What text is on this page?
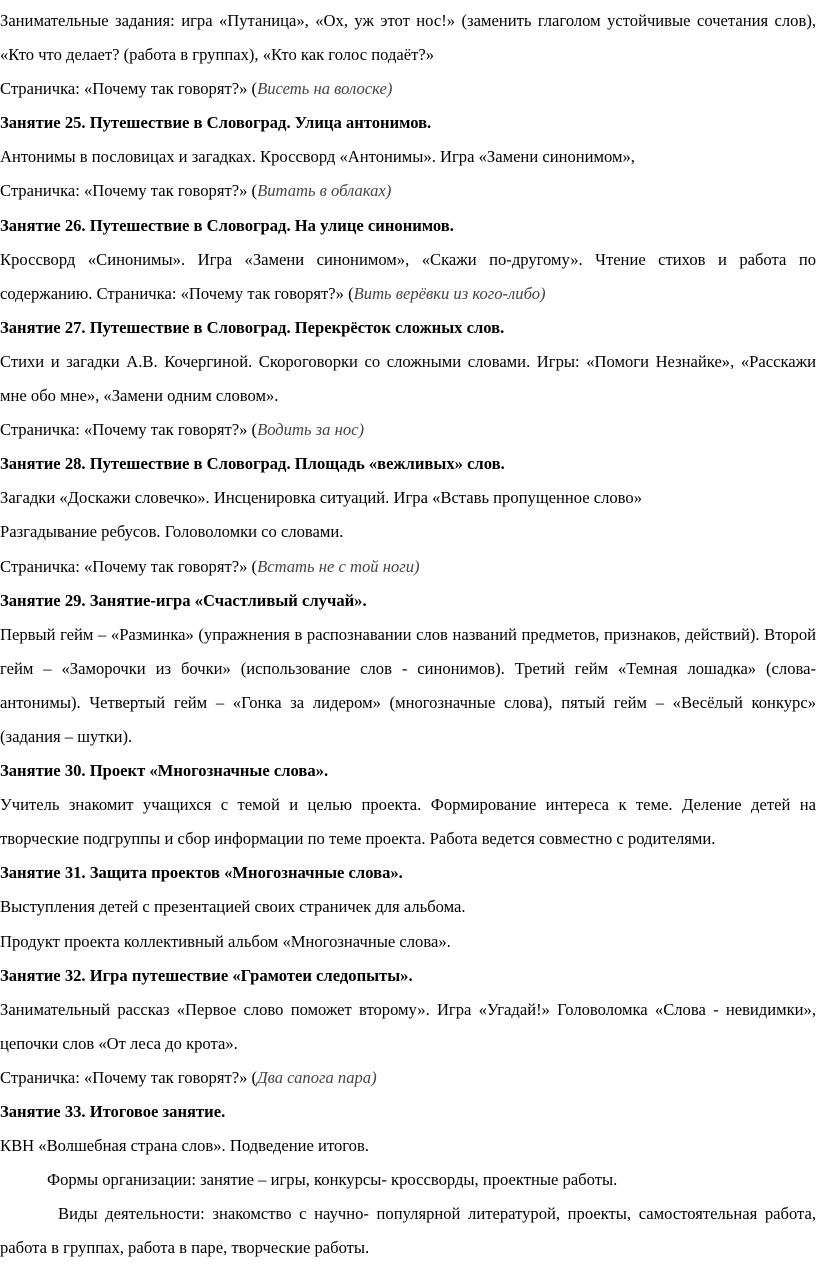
Занимательные задания: игра «Путаница», «Ох, уж этот нос!» (заменить глаголом устойчивые сочетания слов), «Кто что делает? (работа в группах), «Кто как голос подаёт?»

Страничка: «Почему так говорят?» (Висеть на волоске)

Занятие 25. Путешествие в Словоград. Улица антонимов.

Антонимы в пословицах и загадках. Кроссворд «Антонимы». Игра «Замени синонимом»,

Страничка: «Почему так говорят?» (Витать в облаках)

Занятие 26. Путешествие в Словоград. На улице синонимов.

Кроссворд «Синонимы». Игра «Замени синонимом», «Скажи по-другому». Чтение стихов и работа по содержанию. Страничка: «Почему так говорят?» (Вить верёвки из кого-либо)

Занятие 27. Путешествие в Словоград. Перекрёсток сложных слов.

Стихи и загадки А.В. Кочергиной. Скороговорки со сложными словами. Игры: «Помоги Незнайке», «Расскажи мне обо мне», «Замени одним словом».

Страничка: «Почему так говорят?» (Водить за нос)

Занятие 28. Путешествие в Словоград. Площадь «вежливых» слов.

Загадки «Доскажи словечко». Инсценировка ситуаций. Игра «Вставь пропущенное слово»

Разгадывание ребусов. Головоломки со словами.

Страничка: «Почему так говорят?» (Встать не с той ноги)

Занятие 29. Занятие-игра «Счастливый случай».

Первый гейм – «Разминка» (упражнения в распознавании слов названий предметов, признаков, действий). Второй гейм – «Заморочки из бочки» (использование слов - синонимов). Третий гейм «Темная лошадка» (слова-антонимы). Четвертый гейм – «Гонка за лидером» (многозначные слова), пятый гейм – «Весёлый конкурс» (задания – шутки).

Занятие 30. Проект «Многозначные слова».

Учитель знакомит учащихся с темой и целью проекта. Формирование интереса к теме. Деление детей на творческие подгруппы и сбор информации по теме проекта. Работа ведется совместно с родителями.

Занятие 31. Защита проектов «Многозначные слова».

Выступления детей с презентацией своих страничек для альбома.

Продукт проекта коллективный альбом «Многозначные слова».

Занятие 32. Игра путешествие «Грамотеи следопыты».

Занимательный рассказ «Первое слово поможет второму». Игра «Угадай!» Головоломка «Слова - невидимки», цепочки слов «От леса до крота».

Страничка: «Почему так говорят?» (Два сапога пара)

Занятие 33. Итоговое занятие.

КВН «Волшебная страна слов». Подведение итогов.

Формы организации: занятие – игры, конкурсы- кроссворды, проектные работы.

Виды деятельности: знакомство с научно- популярной литературой, проекты, самостоятельная работа, работа в группах, работа в паре, творческие работы.
